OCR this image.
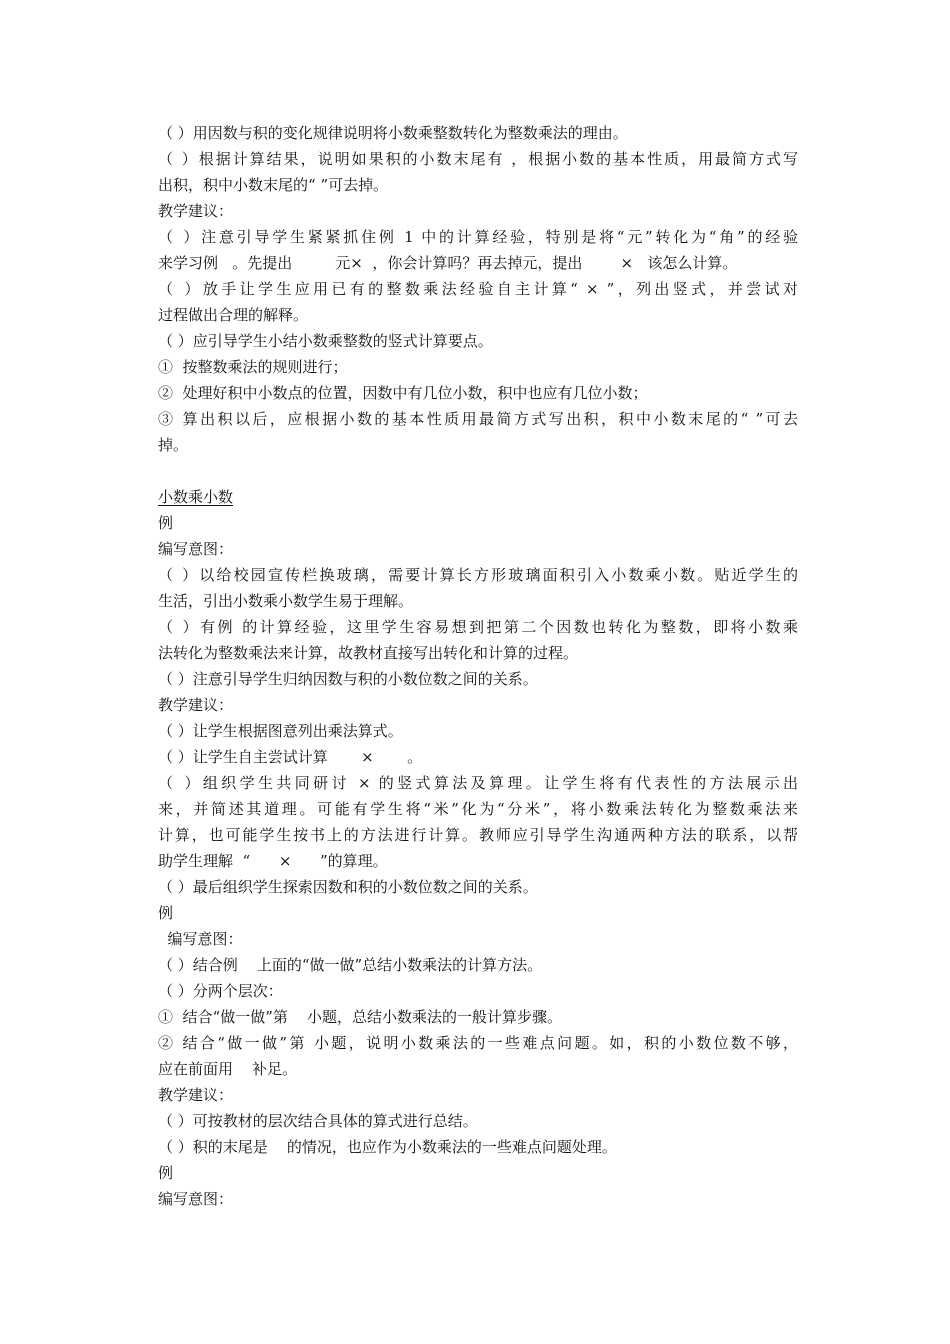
（ ）用因数与积的变化规律说明将小数乘整数转化为整数乘法的理由。
（ ）根据计算结果，说明如果积的小数末尾有 ，根据小数的基本性质，用最简方式写
出积，积中小数末尾的“ ”可去掉。
教学建议：
（ ）注意引导学生紧紧抓住例 1 中的计算经验，特别是将“元”转化为“角”的经验
来学习例   。先提出         元×  ，你会计算吗？再去掉元，提出        ×   该怎么计算。
（ ）放手让学生应用已有的整数乘法经验自主计算“ × ”，列出竖式，并尝试对
过程做出合理的解释。
（ ）应引导学生小结小数乘整数的竖式计算要点。
①  按整数乘法的规则进行；
②  处理好积中小数点的位置，因数中有几位小数，积中也应有几位小数；
③ 算出积以后，应根据小数的基本性质用最简方式写出积，积中小数末尾的“ ”可去
掉。
小数乘小数
例
编写意图：
（ ）以给校园宣传栏换玻璃，需要计算长方形玻璃面积引入小数乘小数。贴近学生的
生活，引出小数乘小数学生易于理解。
（ ）有例 的计算经验，这里学生容易想到把第二个因数也转化为整数，即将小数乘
法转化为整数乘法来计算，故教材直接写出转化和计算的过程。
（ ）注意引导学生归纳因数与积的小数位数之间的关系。
教学建议：
（ ）让学生根据图意列出乘法算式。
（ ）让学生自主尝试计算       ×       。
（ ）组织学生共同研讨 × 的竖式算法及算理。让学生将有代表性的方法展示出
来，并简述其道理。可能有学生将“米”化为“分米”，将小数乘法转化为整数乘法来
计算，也可能学生按书上的方法进行计算。教师应引导学生沟通两种方法的联系，以帮
助学生理解  “      ×      ”的算理。
（ ）最后组织学生探索因数和积的小数位数之间的关系。
例
编写意图：
（ ）结合例    上面的“做一做”总结小数乘法的计算方法。
（ ）分两个层次：
①  结合“做一做”第    小题，总结小数乘法的一般计算步骤。
② 结合“做一做”第 小题，说明小数乘法的一些难点问题。如，积的小数位数不够，
应在前面用    补足。
教学建议：
（ ）可按教材的层次结合具体的算式进行总结。
（ ）积的末尾是    的情况，也应作为小数乘法的一些难点问题处理。
例
编写意图：
